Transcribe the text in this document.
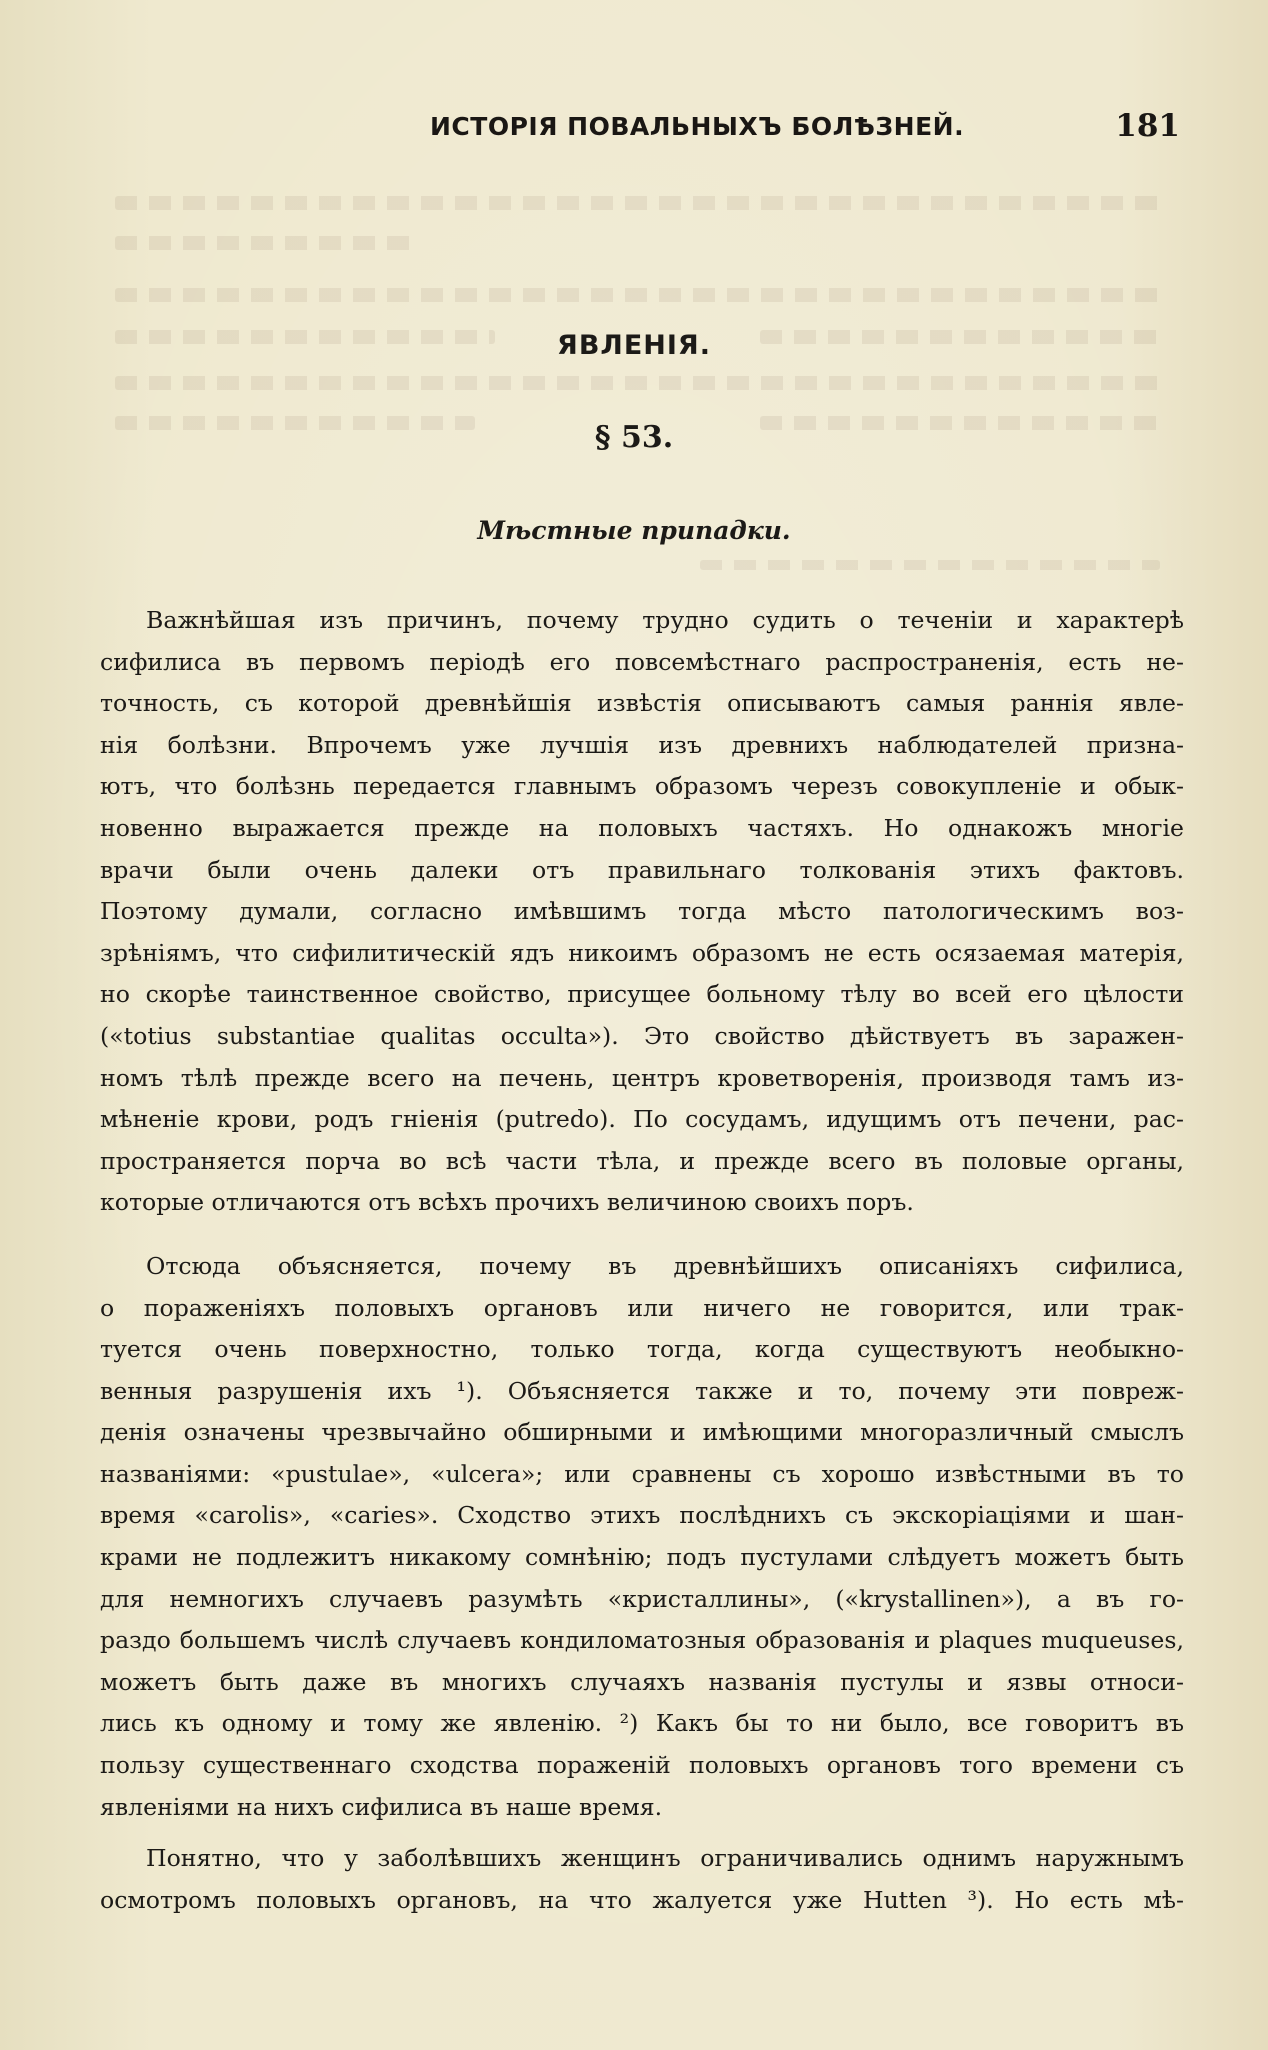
ИСТОРІЯ ПОВАЛЬНЫХЪ БОЛѢЗНЕЙ.	181
ЯВЛЕНІЯ.
§ 53.
Мѣстные припадки.

Важнѣйшая изъ причинъ, почему трудно судить о теченіи и характерѣ

сифилиса въ первомъ періодѣ его повсемѣстнаго распространенія, есть не-

точность, съ которой древнѣйшія извѣстія описываютъ самыя раннія явле-

нія болѣзни. Впрочемъ уже лучшія изъ древнихъ наблюдателей призна-

ютъ, что болѣзнь передается главнымъ образомъ черезъ совокупленіе и обык-

новенно выражается прежде на половыхъ частяхъ. Но однакожъ многіе

врачи были очень далеки отъ правильнаго толкованія этихъ фактовъ.

Поэтому думали, согласно имѣвшимъ тогда мѣсто патологическимъ воз-

зрѣніямъ, что сифилитическій ядъ никоимъ образомъ не есть осязаемая матерія,

но скорѣе таинственное свойство, присущее больному тѣлу во всей его цѣлости

(«totius substantiae qualitas occulta»). Это свойство дѣйствуетъ въ заражен-

номъ тѣлѣ прежде всего на печень, центръ кроветворенія, производя тамъ из-

мѣненіе крови, родъ гніенія (putredo). По сосудамъ, идущимъ отъ печени, рас-

пространяется порча во всѣ части тѣла, и прежде всего въ половые органы,

которые отличаются отъ всѣхъ прочихъ величиною своихъ поръ.

Отсюда объясняется, почему въ древнѣйшихъ описаніяхъ сифилиса,

о пораженіяхъ половыхъ органовъ или ничего не говорится, или трак-

туется очень поверхностно, только тогда, когда существуютъ необыкно-

венныя разрушенія ихъ ¹). Объясняется также и то, почему эти повреж-

денія означены чрезвычайно обширными и имѣющими многоразличный смыслъ

названіями: «pustulae», «ulcera»; или сравнены съ хорошо извѣстными въ то

время «carolis», «caries». Сходство этихъ послѣднихъ съ экскоріаціями и шан-

крами не подлежитъ никакому сомнѣнію; подъ пустулами слѣдуетъ можетъ быть

для немногихъ случаевъ разумѣть «кристаллины», («krystallinen»), а въ го-

раздо большемъ числѣ случаевъ кондиломатозныя образованія и plaques muqueuses,

можетъ быть даже въ многихъ случаяхъ названія пустулы и язвы относи-

лись къ одному и тому же явленію. ²) Какъ бы то ни было, все говоритъ въ

пользу существеннаго сходства пораженій половыхъ органовъ того времени съ

явленіями на нихъ сифилиса въ наше время.

Понятно, что у заболѣвшихъ женщинъ ограничивались однимъ наружнымъ

осмотромъ половыхъ органовъ, на что жалуется уже Hutten ³). Но есть мѣ-
